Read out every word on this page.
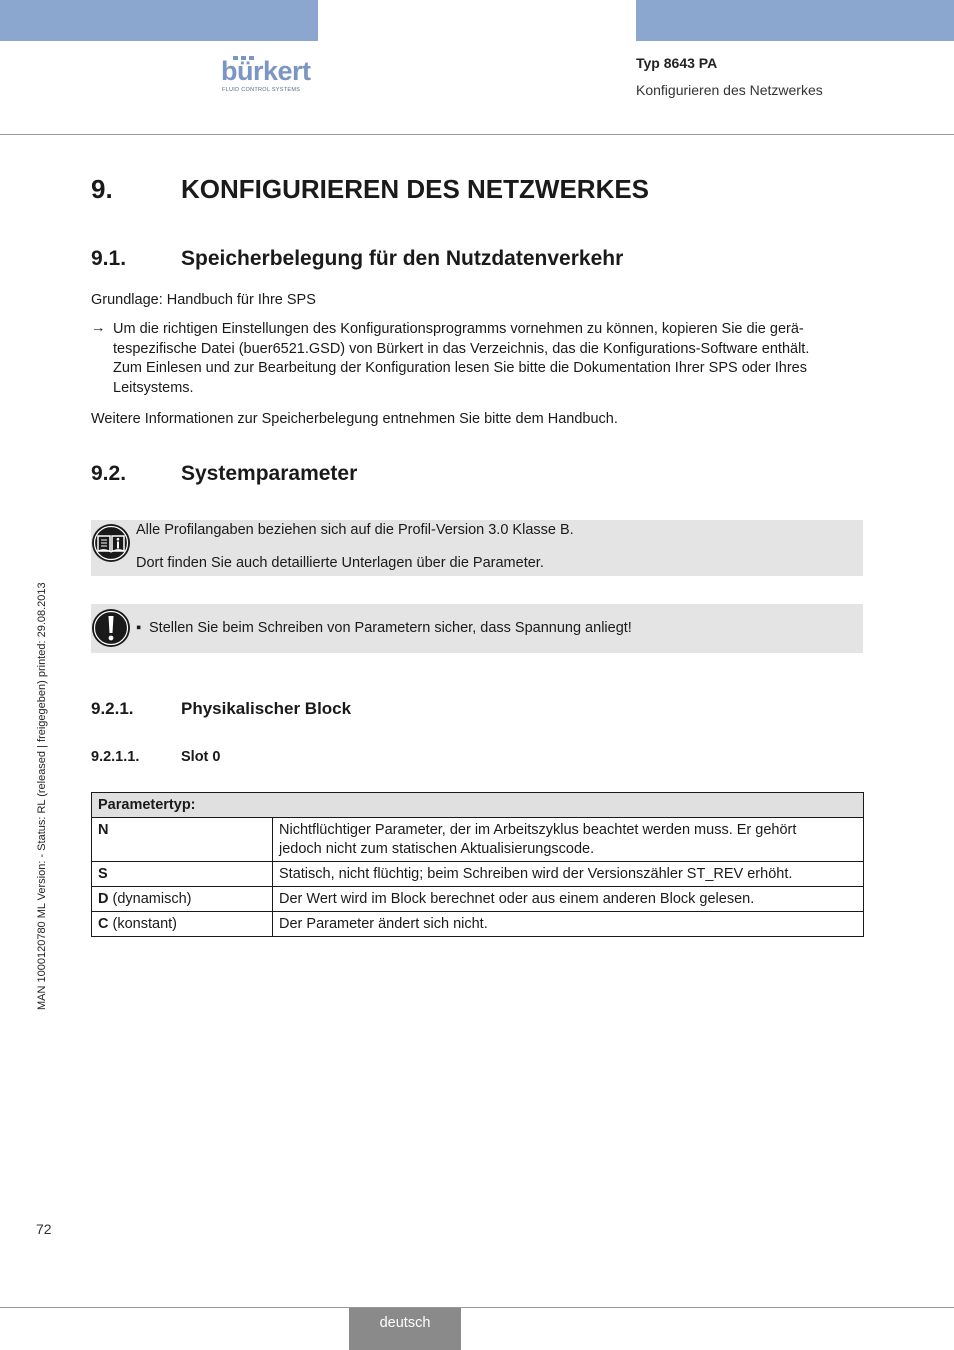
bürkert
FLUID CONTROL SYSTEMS
Typ 8643 PA
Konfigurieren des Netzwerkes
9.	KONFIGURIEREN DES NETZWERKES
9.1.	Speicherbelegung für den Nutzdatenverkehr
Grundlage: Handbuch für Ihre SPS
→ Um die richtigen Einstellungen des Konfigurationsprogramms vornehmen zu können, kopieren Sie die gerä-
tespezifische Datei (buer6521.GSD) von Bürkert in das Verzeichnis, das die Konfigurations-Software enthält.
Zum Einlesen und zur Bearbeitung der Konfiguration lesen Sie bitte die Dokumentation Ihrer SPS oder Ihres
Leitsystems.
Weitere Informationen zur Speicherbelegung entnehmen Sie bitte dem Handbuch.
9.2.	Systemparameter
Alle Profilangaben beziehen sich auf die Profil-Version 3.0 Klasse B.
Dort finden Sie auch detaillierte Unterlagen über die Parameter.
▪ Stellen Sie beim Schreiben von Parametern sicher, dass Spannung anliegt!
9.2.1.	Physikalischer Block
9.2.1.1.	Slot 0
Parametertyp:	
N	Nichtflüchtiger Parameter, der im Arbeitszyklus beachtet werden muss. Er gehört
jedoch nicht zum statischen Aktualisierungscode.

S	Statisch, nicht flüchtig; beim Schreiben wird der Versionszähler ST_REV erhöht.

D (dynamisch)	Der Wert wird im Block berechnet oder aus einem anderen Block gelesen.

C (konstant)	Der Parameter ändert sich nicht.
MAN 1000120780 ML Version: - Status: RL (released | freigegeben) printed: 29.08.2013
72
deutsch
